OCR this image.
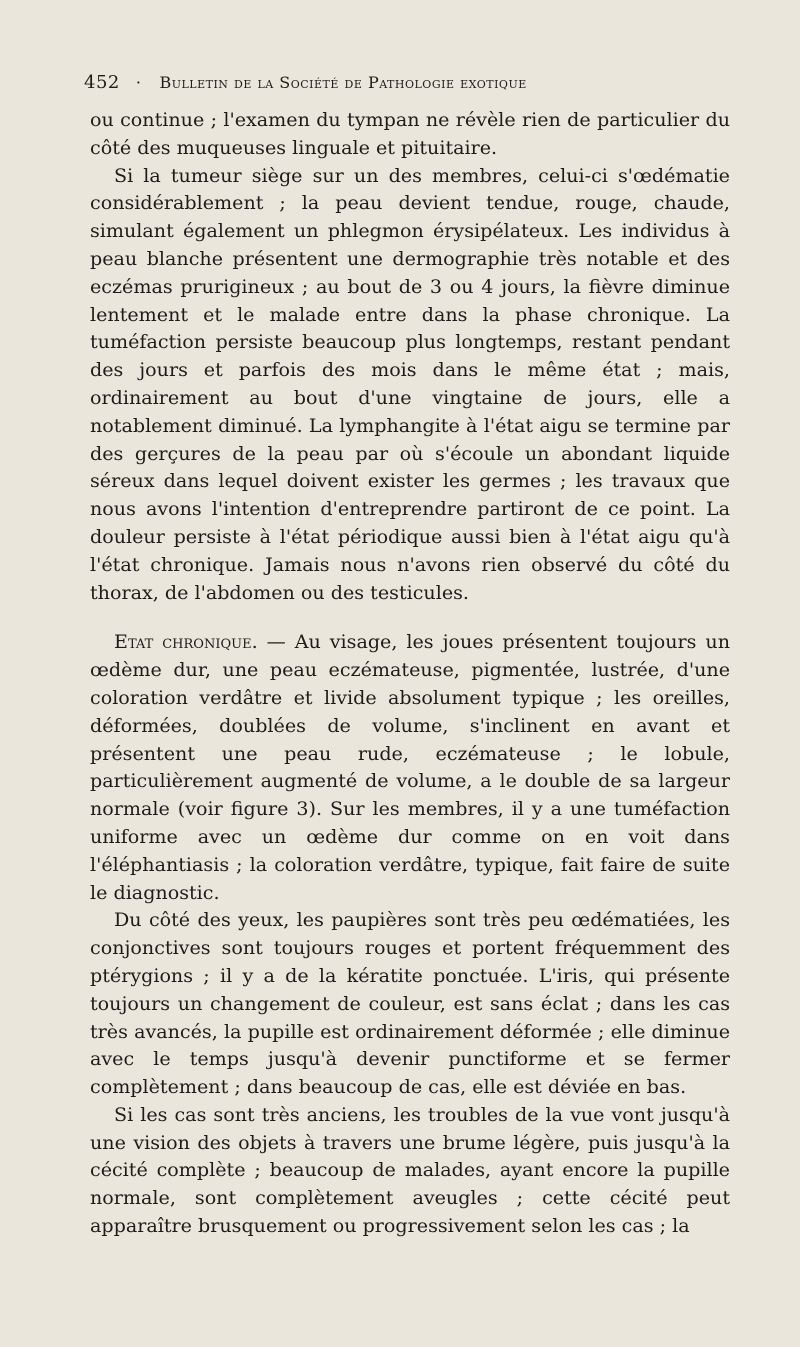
452 · Bulletin de la Société de Pathologie exotique

ou continue ; l'examen du tympan ne révèle rien de particulier du côté des muqueuses linguale et pituitaire.

Si la tumeur siège sur un des membres, celui-ci s'œdématie considérablement ; la peau devient tendue, rouge, chaude, simulant également un phlegmon érysipélateux. Les individus à peau blanche présentent une dermographie très notable et des eczémas prurigineux ; au bout de 3 ou 4 jours, la fièvre diminue lentement et le malade entre dans la phase chronique. La tuméfaction persiste beaucoup plus longtemps, restant pendant des jours et parfois des mois dans le même état ; mais, ordinairement au bout d'une vingtaine de jours, elle a notablement diminué. La lymphangite à l'état aigu se termine par des gerçures de la peau par où s'écoule un abondant liquide séreux dans lequel doivent exister les germes ; les travaux que nous avons l'intention d'entreprendre partiront de ce point. La douleur persiste à l'état périodique aussi bien à l'état aigu qu'à l'état chronique. Jamais nous n'avons rien observé du côté du thorax, de l'abdomen ou des testicules.

Etat chronique. — Au visage, les joues présentent toujours un œdème dur, une peau eczémateuse, pigmentée, lustrée, d'une coloration verdâtre et livide absolument typique ; les oreilles, déformées, doublées de volume, s'inclinent en avant et présentent une peau rude, eczémateuse ; le lobule, particulièrement augmenté de volume, a le double de sa largeur normale (voir figure 3). Sur les membres, il y a une tuméfaction uniforme avec un œdème dur comme on en voit dans l'éléphantiasis ; la coloration verdâtre, typique, fait faire de suite le diagnostic.

Du côté des yeux, les paupières sont très peu œdématiées, les conjonctives sont toujours rouges et portent fréquemment des ptérygions ; il y a de la kératite ponctuée. L'iris, qui présente toujours un changement de couleur, est sans éclat ; dans les cas très avancés, la pupille est ordinairement déformée ; elle diminue avec le temps jusqu'à devenir punctiforme et se fermer complètement ; dans beaucoup de cas, elle est déviée en bas.

Si les cas sont très anciens, les troubles de la vue vont jusqu'à une vision des objets à travers une brume légère, puis jusqu'à la cécité complète ; beaucoup de malades, ayant encore la pupille normale, sont complètement aveugles ; cette cécité peut apparaître brusquement ou progressivement selon les cas ; la
